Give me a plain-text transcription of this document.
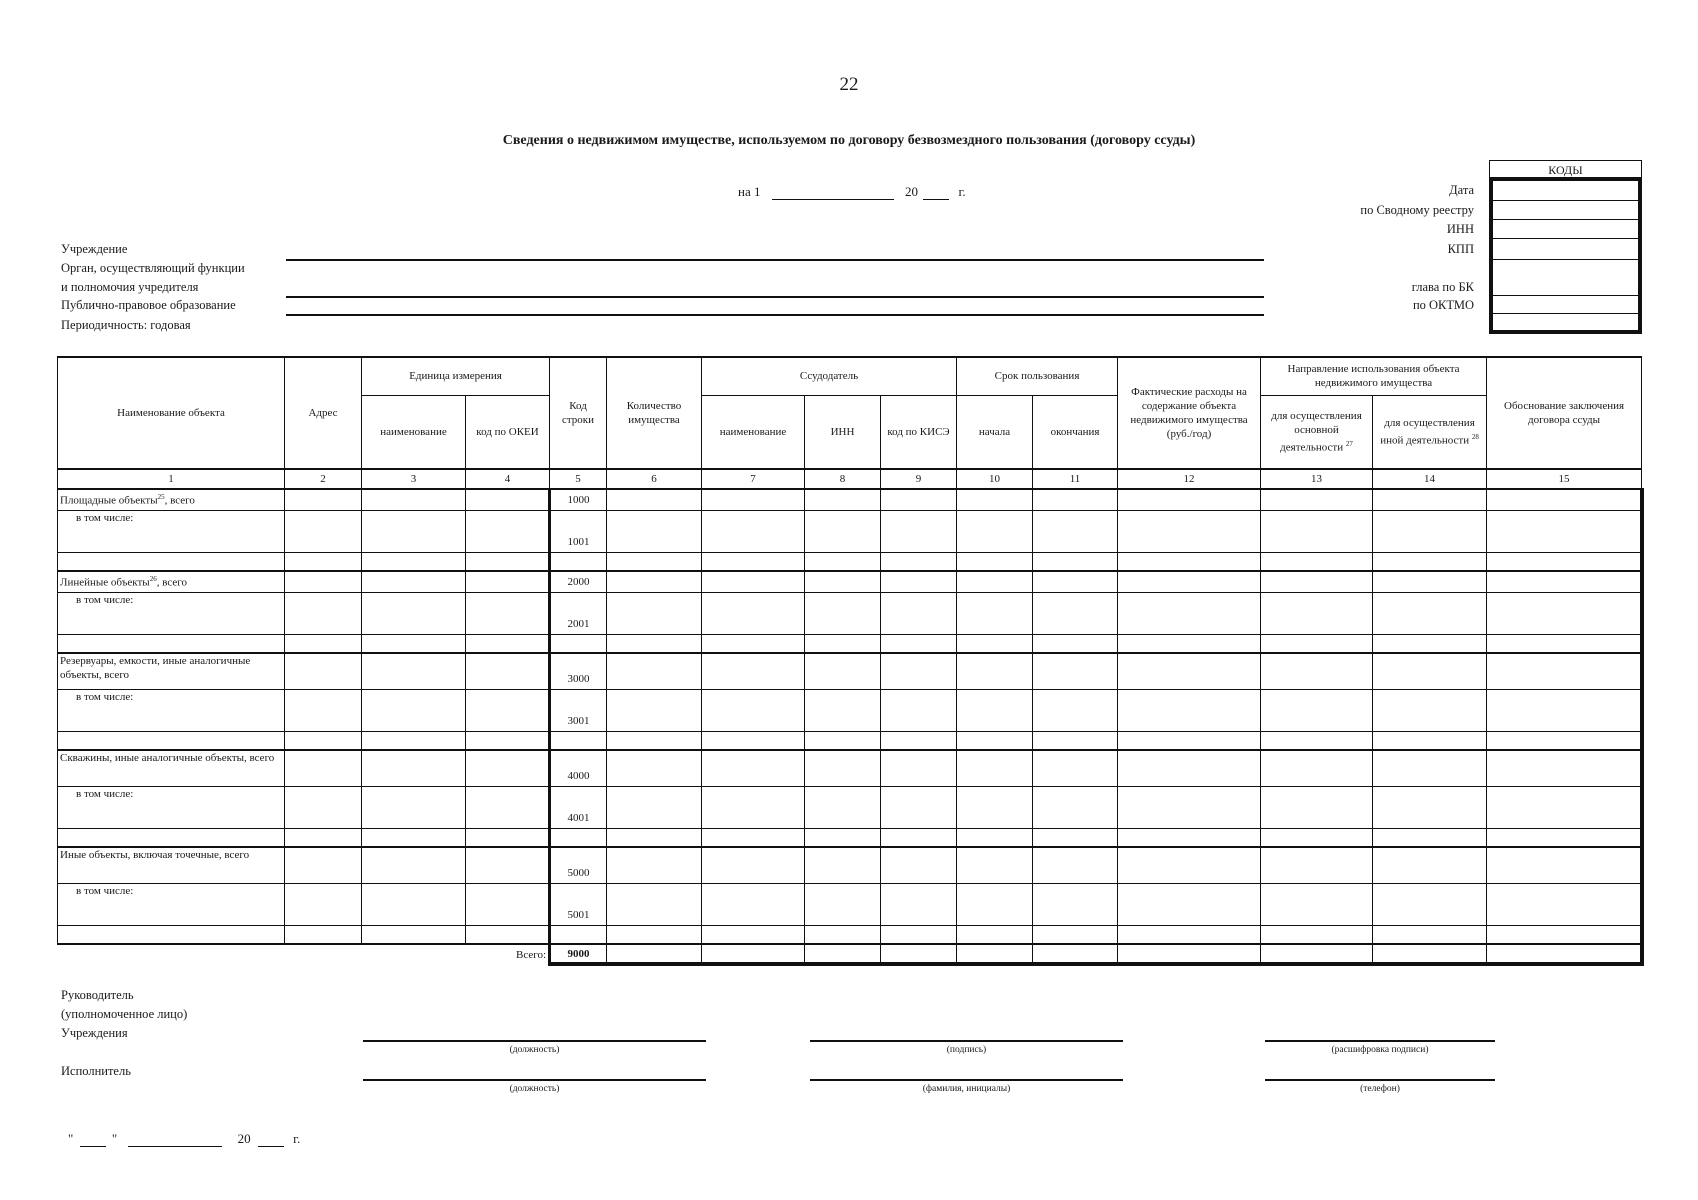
22
Сведения о недвижимом имуществе, используемом по договору безвозмездного пользования (договору ссуды)
на 1	20	г.
Учреждение
Орган, осуществляющий функции
и полномочия учредителя
Публично-правовое образование
Периодичность: годовая
Дата
по Сводному реестру
ИНН
КПП
глава по БК
по ОКТМО
КОДЫ
Наименование объекта	Адрес	Единица измерения		Код строки	Количество имущества	Ссудодатель			Срок пользования		Фактические расходы на содержание объекта недвижимого имущества (руб./год)	Направление использования объекта недвижимого имущества		Обоснование заключения договора ссуды
		наименование	код по ОКЕИ			наименование	ИНН	код по КИСЭ	начала	окончания		для осуществления основной деятельности $^{27}$	для осуществления иной деятельности $^{28}$
1	2	3	4	5	6	7	8	9	10	11	12	13	14	15
Площадные объекты$^{25}$, всего				1000										
в том числе:				1001										

Линейные объекты$^{26}$, всего				2000										
в том числе:				2001										

Резервуары, емкости, иные аналогичные объекты, всего				3000										
в том числе:				3001										

Скважины, иные аналогичные объекты, всего				4000										
в том числе:				4001										

Иные объекты, включая точечные, всего				5000										
в том числе:				5001										

Всего:				9000										
Руководитель
(уполномоченное лицо)
Учреждения
(должность)	(подпись)	(расшифровка подписи)
Исполнитель
(должность)	(фамилия, инициалы)	(телефон)
"	"	20	г.
